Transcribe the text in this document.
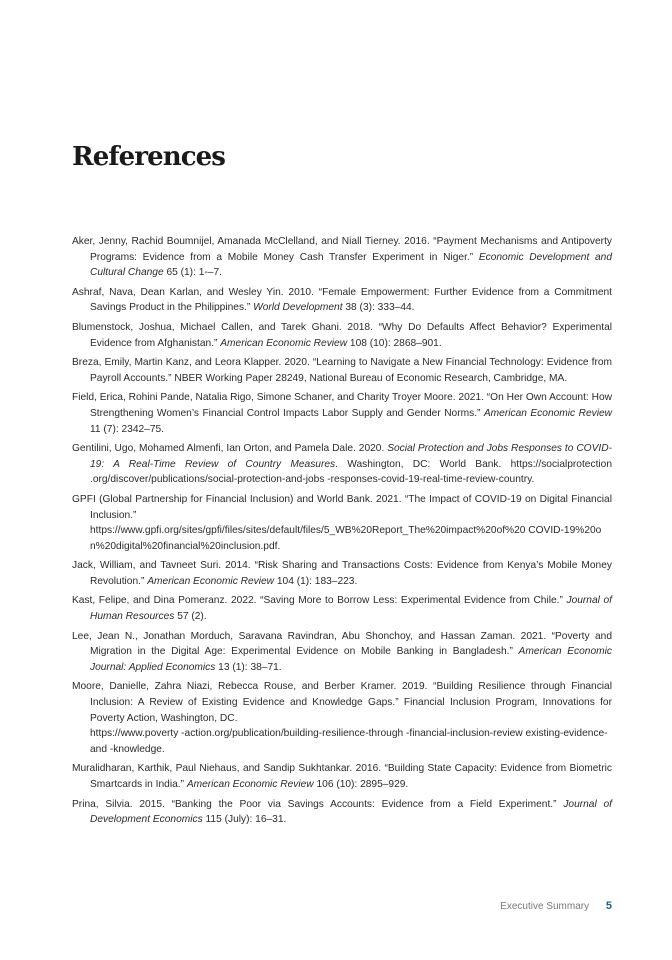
References

Aker, Jenny, Rachid Boumnijel, Amanada McClelland, and Niall Tierney. 2016. “Payment Mechanisms and Antipoverty Programs: Evidence from a Mobile Money Cash Transfer Experiment in Niger.” Economic Development and Cultural Change 65 (1): 1-–7.

Ashraf, Nava, Dean Karlan, and Wesley Yin. 2010. “Female Empowerment: Further Evidence from a Commitment Savings Product in the Philippines.” World Development 38 (3): 333–44.

Blumenstock, Joshua, Michael Callen, and Tarek Ghani. 2018. “Why Do Defaults Affect Behavior? Experimental Evidence from Afghanistan.” American Economic Review 108 (10): 2868–901.

Breza, Emily, Martin Kanz, and Leora Klapper. 2020. “Learning to Navigate a New Financial Technology: Evidence from Payroll Accounts.” NBER Working Paper 28249, National Bureau of Economic Research, Cambridge, MA.

Field, Erica, Rohini Pande, Natalia Rigo, Simone Schaner, and Charity Troyer Moore. 2021. “On Her Own Account: How Strengthening Women’s Financial Control Impacts Labor Supply and Gender Norms.” American Economic Review 11 (7): 2342–75.

Gentilini, Ugo, Mohamed Almenfi, Ian Orton, and Pamela Dale. 2020. Social Protection and Jobs Responses to COVID-19: A Real-Time Review of Country Measures. Washington, DC: World Bank. https://socialprotection .org/discover/publications/social-protection-and-jobs -responses-covid-19-real-time-review-country.

GPFI (Global Partnership for Financial Inclusion) and World Bank. 2021. “The Impact of COVID-19 on Digital Financial Inclusion.”
https://www.gpfi.org/sites/gpfi/files/sites/default/files/5_WB%20Report_The%20impact%20of%20 COVID-19%20on%20digital%20financial%20inclusion.pdf.

Jack, William, and Tavneet Suri. 2014. “Risk Sharing and Transactions Costs: Evidence from Kenya’s Mobile Money Revolution.” American Economic Review 104 (1): 183–223.

Kast, Felipe, and Dina Pomeranz. 2022. “Saving More to Borrow Less: Experimental Evidence from Chile.” Journal of Human Resources 57 (2).

Lee, Jean N., Jonathan Morduch, Saravana Ravindran, Abu Shonchoy, and Hassan Zaman. 2021. “Poverty and Migration in the Digital Age: Experimental Evidence on Mobile Banking in Bangladesh.” American Economic Journal: Applied Economics 13 (1): 38–71.

Moore, Danielle, Zahra Niazi, Rebecca Rouse, and Berber Kramer. 2019. “Building Resilience through Financial Inclusion: A Review of Existing Evidence and Knowledge Gaps.” Financial Inclusion Program, Innovations for Poverty Action, Washington, DC.
https://www.poverty -action.org/publication/building-resilience-through -financial-inclusion-review existing-evidence-and -knowledge.

Muralidharan, Karthik, Paul Niehaus, and Sandip Sukhtankar. 2016. “Building State Capacity: Evidence from Biometric Smartcards in India.” American Economic Review 106 (10): 2895–929.

Prina, Silvia. 2015. “Banking the Poor via Savings Accounts: Evidence from a Field Experiment.” Journal of Development Economics 115 (July): 16–31.

Executive Summary 5
